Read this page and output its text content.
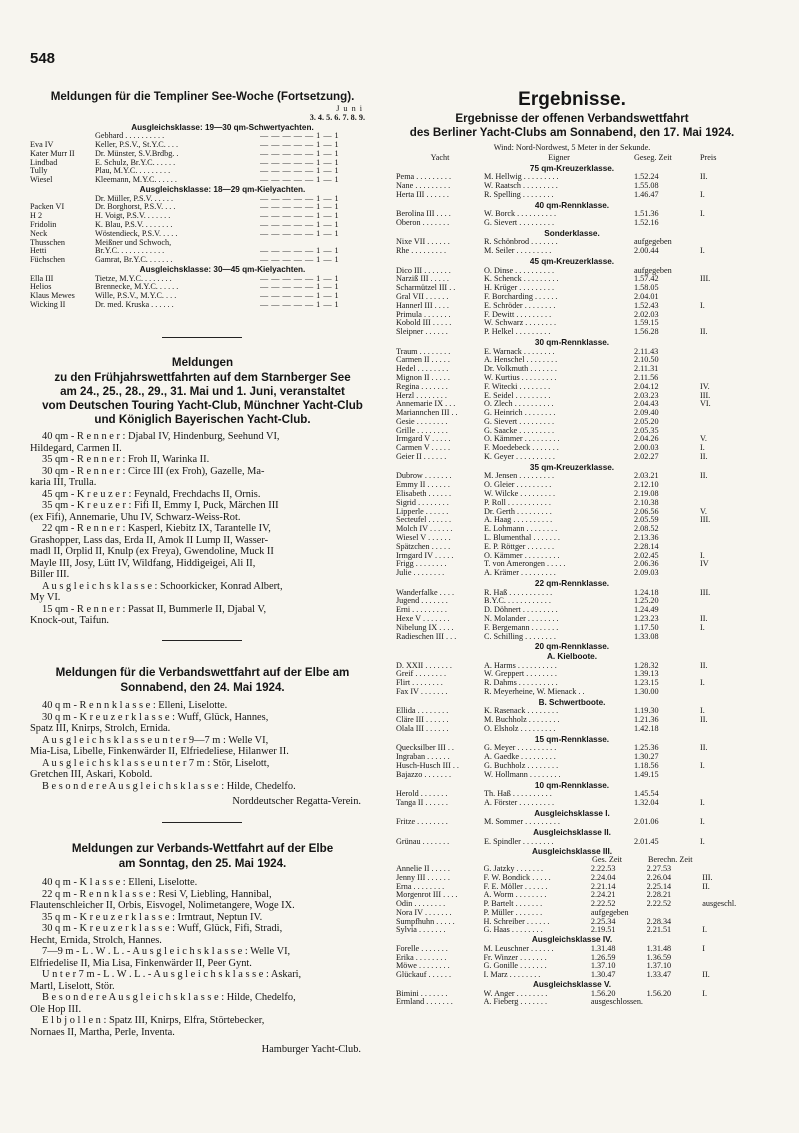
548
Meldungen für die Templiner See-Woche (Fortsetzung).
J u n i
3. 4. 5. 6. 7. 8. 9.
Ausgleichsklasse: 19—30 qm-Schwertyachten.
Gebhard . . . . . . . . . .	— — — — — 1 — 1
Eva IV	Keller, P.S.V., St.Y.C. . . .	— — — — — 1 — 1
Kater Murr II	Dr. Münster, S.V.Brdbg. .	— — — — — 1 — 1
Lindbad	E. Schulz, Br.Y.C. . . . . .	— — — — — 1 — 1
Tully	Plau, M.Y.C. . . . . . . . .	— — — — — 1 — 1
Wiesel	Kleemann, M.Y.C. . . . . .	— — — — — 1 — 1
Ausgleichsklasse: 18—29 qm-Kielyachten.
Dr. Müller, P.S.V. . . . . .	— — — — — 1 — 1
Packen VI	Dr. Borghorst, P.S.V. . . .	— — — — — 1 — 1
H 2	H. Voigt, P.S.V. . . . . . .	— — — — — 1 — 1
Fridolin	K. Blau, P.S.V. . . . . . . .	— — — — — 1 — 1
Neck	Wöstendieck, P.S.V. . . . .	— — — — — 1 — 1
Thusschen	Meißner und Schwoch,
Hetti	Br.Y.C. . . . . . . . . . . .	— — — — — 1 — 1
Füchschen	Gamrat, Br.Y.C. . . . . . .	— — — — — 1 — 1
Ausgleichsklasse: 30—45 qm-Kielyachten.
Ella III	Tietze, M.Y.C. . . . . . . .	— — — — — 1 — 1
Helios	Brennecke, M.Y.C. . . . . .	— — — — — 1 — 1
Klaus Mewes	Wille, P.S.V., M.Y.C. . . .	— — — — — 1 — 1
Wicking II	Dr. med. Kruska . . . . . .	— — — — — 1 — 1
Meldungen
zu den Frühjahrswettfahrten auf dem Starnberger See
am 24., 25., 28., 29., 31. Mai und 1. Juni, veranstaltet
vom Deutschen Touring Yacht-Club, Münchner Yacht-Club
und Königlich Bayerischen Yacht-Club.
40 qm - R e n n e r : Djabal IV, Hindenburg, Seehund VI,
Hildegard, Carmen II.
35 qm - R e n n e r : Froh II, Warinka II.
30 qm - R e n n e r : Circe III (ex Froh), Gazelle, Ma-
karia III, Trulla.
45 qm - K r e u z e r : Feynald, Frechdachs II, Ornis.
35 qm - K r e u z e r : Fifi II, Emmy I, Puck, Märchen III
(ex Fifi), Annemarie, Uhu IV, Schwarz-Weiss-Rot.
22 qm - R e n n e r : Kasperl, Kiebitz IX, Tarantelle IV,
Grashopper, Lass das, Erda II, Amok II Lump II, Wasser-
madl II, Orplid II, Knulp (ex Freya), Gwendoline, Muck II
Mayle III, Josy, Lütt IV, Wildfang, Hiddigeigei, Ali II,
Biller III.
A u s g l e i c h s k l a s s e : Schoorkicker, Konrad Albert,
My VI.
15 qm - R e n n e r : Passat II, Bummerle II, Djabal V,
Knock-out, Taifun.
Meldungen für die Verbandswettfahrt auf der Elbe am
Sonnabend, den 24. Mai 1924.
40 q m - R e n n k l a s s e : Elleni, Liselotte.
30 q m - K r e u z e r k l a s s e : Wuff, Glück, Hannes,
Spatz III, Knirps, Strolch, Ernida.
A u s g l e i c h s k l a s s e u n t e r 9—7 m : Welle VI,
Mia-Lisa, Libelle, Finkenwärder II, Elfriedeliese, Hilanwer II.
A u s g l e i c h s k l a s s e u n t e r 7 m : Stör, Liselott,
Gretchen III, Askari, Kobold.
B e s o n d e r e A u s g l e i c h s k l a s s e : Hilde, Chedelfo.
Norddeutscher Regatta-Verein.
Meldungen zur Verbands-Wettfahrt auf der Elbe
am Sonntag, den 25. Mai 1924.
40 q m - K l a s s e : Elleni, Liselotte.
22 q m - R e n n k l a s s e : Resi V, Liebling, Hannibal,
Flautenschleicher II, Orbis, Eisvogel, Nolimetangere, Woge IX.
35 q m - K r e u z e r k l a s s e : Irmtraut, Neptun IV.
30 q m - K r e u z e r k l a s s e : Wuff, Glück, Fifi, Stradi,
Hecht, Ernida, Strolch, Hannes.
7—9 m - L . W . L . - A u s g l e i c h s k l a s s e : Welle VI,
Elfriedelise II, Mia Lisa, Finkenwärder II, Peer Gynt.
U n t e r 7 m - L . W . L . - A u s g l e i c h s k l a s s e : Askari,
Martl, Liselott, Stör.
B e s o n d e r e A u s g l e i c h s k l a s s e : Hilde, Chedelfo,
Ole Hop III.
E l b j o l l e n : Spatz III, Knirps, Elfra, Störtebecker,
Nornaes II, Martha, Perle, Inventa.
Hamburger Yacht-Club.
Ergebnisse.
Ergebnisse der offenen Verbandswettfahrt
des Berliner Yacht-Clubs am Sonnabend, den 17. Mai 1924.
Wind: Nord-Nordwest, 5 Meter in der Sekunde.
Yacht	Eigner	Geseg. Zeit	Preis
75 qm-Kreuzerklasse.
Pema . . . . . . . . .	M. Hellwig . . . . . . . . .	1.52.24	II.
Nane . . . . . . . . .	W. Raatsch . . . . . . . . .	1.55.08
Herta III . . . . . .	R. Spelling . . . . . . . .	1.46.47	I.
40 qm-Rennklasse.
Berolina III . . . .	W. Borck . . . . . . . . . .	1.51.36	I.
Oberon . . . . . . .	G. Sievert . . . . . . . . .	1.52.16
Sonderklasse.
Nixe VII . . . . . .	R. Schönbrod . . . . . . .	aufgegeben
Rhe . . . . . . . . .	M. Seiler . . . . . . . . .	2.00.44	I.
45 qm-Kreuzerklasse.
Dico III . . . . . . .	O. Dinse . . . . . . . . . .	aufgegeben
Narziß III . . . . .	K. Schenck . . . . . . . . .	1.57.42	III.
Scharmützel III . .	H. Krüger . . . . . . . . .	1.58.05
Gral VII . . . . . .	F. Borcharding . . . . . .	2.04.01
Hannerl III . . . .	E. Schröder . . . . . . . .	1.52.43	I.
Primula . . . . . . .	F. Dewitt . . . . . . . . .	2.02.03
Kobold III . . . . .	W. Schwarz . . . . . . . .	1.59.15
Sleipner . . . . . .	P. Helkel . . . . . . . . .	1.56.28	II.
30 qm-Rennklasse.
Traum . . . . . . . .	E. Warnack . . . . . . . .	2.11.43
Carmen II . . . . .	A. Henschel . . . . . . . .	2.10.50
Hedel . . . . . . . .	Dr. Volkmuth . . . . . . .	2.11.31
Mignon II . . . . .	W. Kurtius . . . . . . . . .	2.11.56
Regina . . . . . . .	F. Witecki . . . . . . . .	2.04.12	IV.
Herzl . . . . . . . .	E. Seidel . . . . . . . . .	2.03.23	III.
Annemarie IX . . .	O. Zlech . . . . . . . . . .	2.04.43	VI.
Mariannchen III . .	G. Heinrich . . . . . . . .	2.09.40
Gesie . . . . . . . .	G. Sievert . . . . . . . . .	2.05.20
Grille . . . . . . . .	G. Saacke . . . . . . . . .	2.05.35
Irmgard V . . . . .	O. Kämmer . . . . . . . . .	2.04.26	V.
Carmen V . . . . .	F. Moedebeck . . . . . . .	2.00.03	I.
Geier II . . . . . .	K. Geyer . . . . . . . . . .	2.02.27	II.
35 qm-Kreuzerklasse.
Dubrow . . . . . . .	M. Jensen . . . . . . . . .	2.03.21	II.
Emmy II . . . . . .	O. Gleier . . . . . . . . .	2.12.10
Elisabeth . . . . . .	W. Wilcke . . . . . . . . .	2.19.08
Sigrid . . . . . . . .	P. Roll . . . . . . . . . . .	2.10.38
Lipperle . . . . . .	Dr. Gerth . . . . . . . . .	2.06.56	V.
Secteufel . . . . . .	A. Haag . . . . . . . . . .	2.05.59	III.
Molch IV . . . . . .	E. Lohmann . . . . . . . .	2.08.52
Wiesel V . . . . . .	L. Blumenthal . . . . . . .	2.13.36
Spätzchen . . . . .	E. P. Röttger . . . . . . .	2.28.14
Irmgard IV . . . . .	O. Kämmer . . . . . . . . .	2.02.45	I.
Frigg . . . . . . . .	T. von Amerongen . . . . .	2.06.36	IV
Julie . . . . . . . .	A. Krämer . . . . . . . . .	2.09.03
22 qm-Rennklasse.
Wanderfalke . . . .	R. Haß . . . . . . . . . . .	1.24.18	III.
Jugend . . . . . . .	B.Y.C. . . . . . . . . . . .	1.25.20
Erni . . . . . . . . .	D. Döhnert . . . . . . . . .	1.24.49
Hexe V . . . . . . .	N. Molander . . . . . . . .	1.23.23	II.
Nibelung IX . . . .	F. Bergemann . . . . . . .	1.17.50	I.
Radieschen III . . .	C. Schilling . . . . . . . .	1.33.08
20 qm-Rennklasse.
A. Kielboote.
D. XXII . . . . . . .	A. Harms . . . . . . . . . .	1.28.32	II.
Greif . . . . . . . .	W. Greppert . . . . . . . .	1.39.13
Flirt . . . . . . . .	R. Dahms . . . . . . . . . .	1.23.15	I.
Fax IV . . . . . . .	R. Meyerheine, W. Mienack . .	1.30.00
B. Schwertboote.
Ellida . . . . . . . .	K. Rasenack . . . . . . . .	1.19.30	I.
Cläre III . . . . . .	M. Buchholz . . . . . . . .	1.21.36	II.
Olala III . . . . . .	O. Elsholz . . . . . . . . .	1.42.18
15 qm-Rennklasse.
Quecksilber III . .	G. Meyer . . . . . . . . . .	1.25.36	II.
Ingraban . . . . . .	A. Gaedke . . . . . . . . .	1.30.27
Husch-Husch III . .	G. Buchholz . . . . . . . .	1.18.56	I.
Bajazzo . . . . . . .	W. Hollmann . . . . . . . .	1.49.15
10 qm-Rennklasse.
Herold . . . . . . .	Th. Haß . . . . . . . . . .	1.45.54
Tanga II . . . . . .	A. Förster . . . . . . . . .	1.32.04	I.
Ausgleichsklasse I.
Fritze . . . . . . . .	M. Sommer . . . . . . . . .	2.01.06	I.
Ausgleichsklasse II.
Grünau . . . . . . .	E. Spindler . . . . . . . .	2.01.45	I.
Ausgleichsklasse III.
Ges. Zeit	Berechn. Zeit
Annelie II . . . . .	G. Jatzky . . . . . . .	2.22.53	2.27.53
Jenny III . . . . . .	F. W. Bondick . . . . .	2.24.04	2.26.04	III.
Erna . . . . . . . .	F. E. Möller . . . . . .	2.21.14	2.25.14	II.
Morgenrot III . . . .	A. Worm . . . . . . . .	2.24.21	2.28.21
Odin . . . . . . . .	P. Bartelt . . . . . . .	2.22.52	2.22.52	ausgeschl.
Nora IV . . . . . . .	P. Müller . . . . . . .	aufgegeben
Sumpfhuhn . . . . .	H. Schreiber . . . . . .	2.25.34	2.28.34
Sylvia . . . . . . .	G. Haas . . . . . . . .	2.19.51	2.21.51	I.
Ausgleichsklasse IV.
Forelle . . . . . . .	M. Leuschner . . . . . .	1.31.48	1.31.48	I
Erika . . . . . . . .	Fr. Winzer . . . . . . .	1.26.59	1.36.59
Möwe . . . . . . . .	G. Gonille . . . . . . .	1.37.10	1.37.10
Glückauf . . . . . .	I. Marz . . . . . . . .	1.30.47	1.33.47	II.
Ausgleichsklasse V.
Bimini . . . . . . .	W. Anger . . . . . . . .	1.56.20	1.56.20	I.
Ermland . . . . . . .	A. Fieberg . . . . . . .	ausgeschlossen.
